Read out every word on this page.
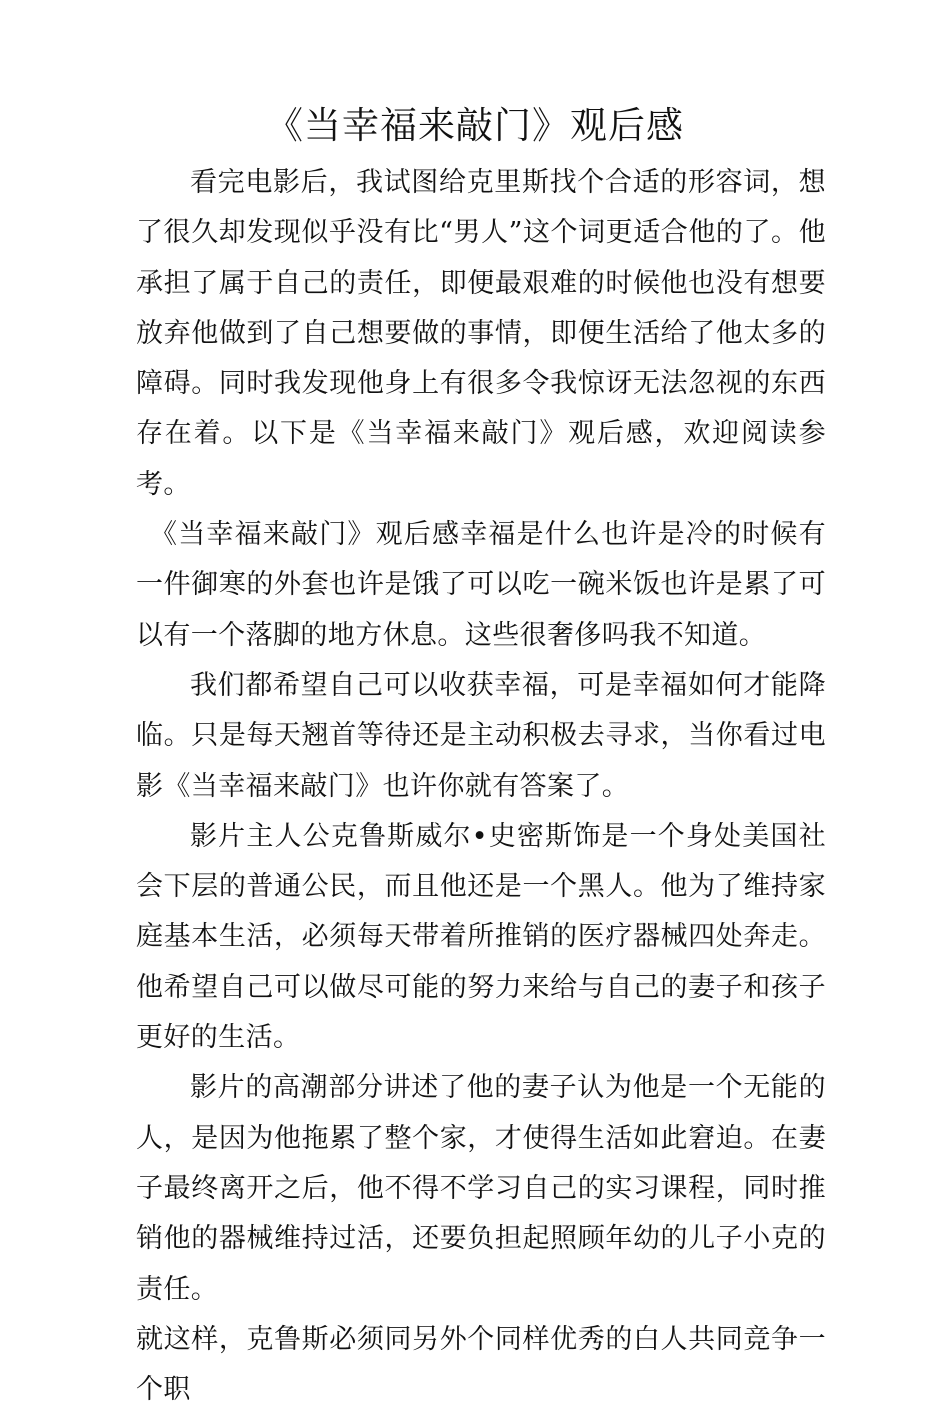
《当幸福来敲门》观后感

看完电影后，我试图给克里斯找个合适的形容词，想了很久却发现似乎没有比“男人”这个词更适合他的了。他承担了属于自己的责任，即便最艰难的时候他也没有想要放弃他做到了自己想要做的事情，即便生活给了他太多的障碍。同时我发现他身上有很多令我惊讶无法忽视的东西存在着。以下是《当幸福来敲门》观后感，欢迎阅读参考。

《当幸福来敲门》观后感幸福是什么也许是冷的时候有一件御寒的外套也许是饿了可以吃一碗米饭也许是累了可以有一个落脚的地方休息。这些很奢侈吗我不知道。

我们都希望自己可以收获幸福，可是幸福如何才能降临。只是每天翘首等待还是主动积极去寻求，当你看过电影《当幸福来敲门》也许你就有答案了。

影片主人公克鲁斯威尔•史密斯饰是一个身处美国社会下层的普通公民，而且他还是一个黑人。他为了维持家庭基本生活，必须每天带着所推销的医疗器械四处奔走。他希望自己可以做尽可能的努力来给与自己的妻子和孩子更好的生活。

影片的高潮部分讲述了他的妻子认为他是一个无能的人，是因为他拖累了整个家，才使得生活如此窘迫。在妻子最终离开之后，他不得不学习自己的实习课程，同时推销他的器械维持过活，还要负担起照顾年幼的儿子小克的责任。

就这样，克鲁斯必须同另外个同样优秀的白人共同竞争一个职
